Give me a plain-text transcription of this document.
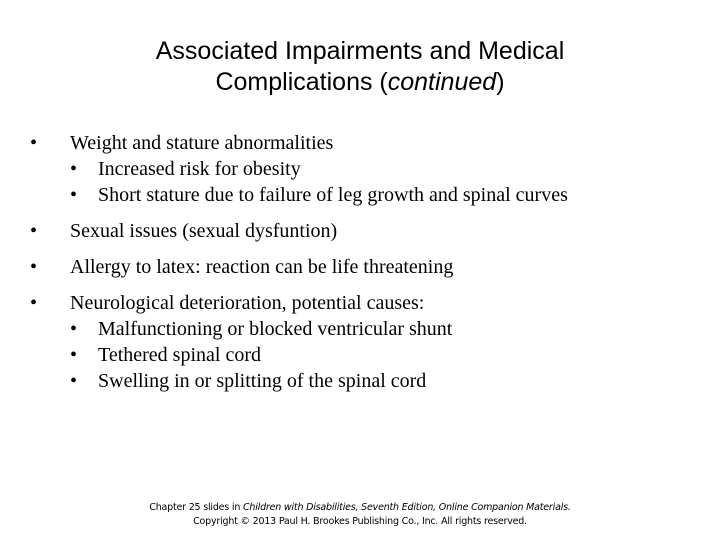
Associated Impairments and Medical
Complications (continued)
• Weight and stature abnormalities
• Increased risk for obesity
• Short stature due to failure of leg growth and spinal curves
• Sexual issues (sexual dysfuntion)
• Allergy to latex: reaction can be life threatening
• Neurological deterioration, potential causes:
• Malfunctioning or blocked ventricular shunt
• Tethered spinal cord
• Swelling in or splitting of the spinal cord
Chapter 25 slides in Children with Disabilities, Seventh Edition, Online Companion Materials.
Copyright © 2013 Paul H. Brookes Publishing Co., Inc. All rights reserved.
